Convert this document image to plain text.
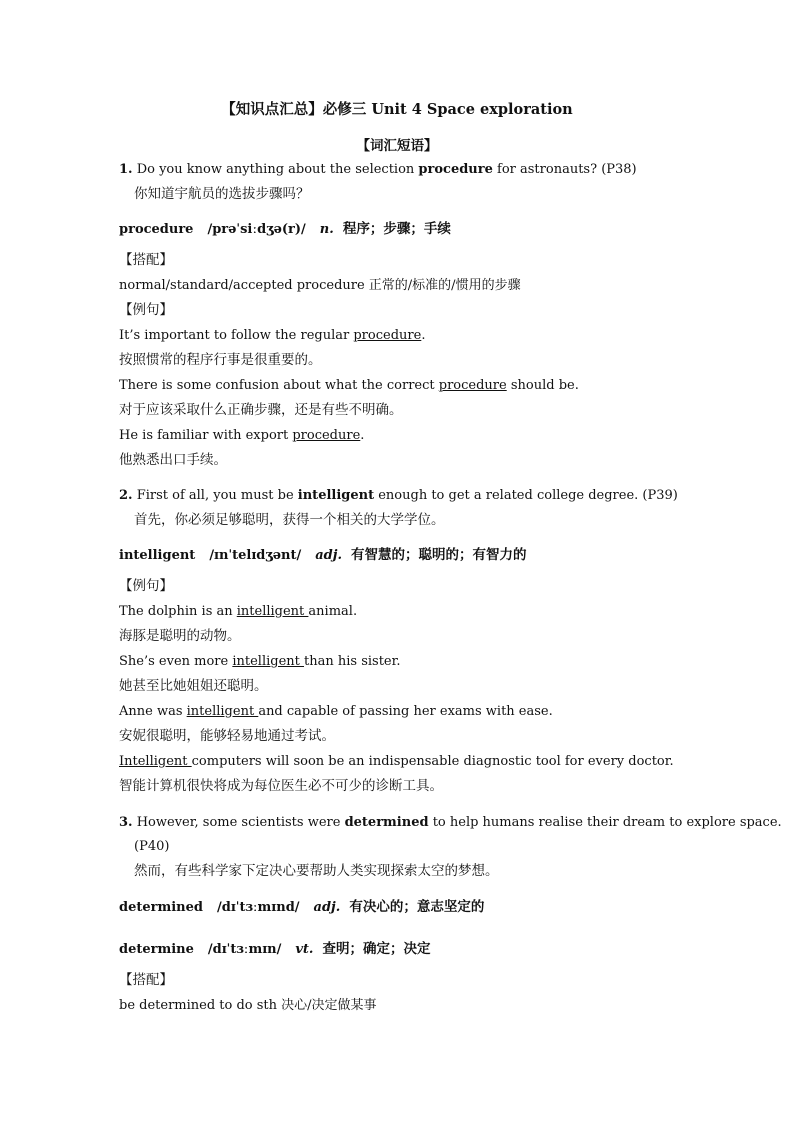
【知识点汇总】必修三 Unit 4 Space exploration
【词汇短语】
1. Do you know anything about the selection procedure for astronauts? (P38)
你知道宇航员的选拔步骤吗？
procedure /prəˈsiːdʒə(r)/ n. 程序；步骤；手续
【搭配】
normal/standard/accepted procedure 正常的/标准的/惯用的步骤
【例句】
It’s important to follow the regular procedure.
按照惯常的程序行事是很重要的。
There is some confusion about what the correct procedure should be.
对于应该采取什么正确步骤，还是有些不明确。
He is familiar with export procedure.
他熟悉出口手续。
2. First of all, you must be intelligent enough to get a related college degree. (P39)
首先，你必须足够聪明，获得一个相关的大学学位。
intelligent /ɪnˈtelɪdʒənt/ adj. 有智慧的；聪明的；有智力的
【例句】
The dolphin is an intelligent animal.
海豚是聪明的动物。
She’s even more intelligent than his sister.
她甚至比她姐姐还聪明。
Anne was intelligent and capable of passing her exams with ease.
安妮很聪明，能够轻易地通过考试。
Intelligent computers will soon be an indispensable diagnostic tool for every doctor.
智能计算机很快将成为每位医生必不可少的诊断工具。
3. However, some scientists were determined to help humans realise their dream to explore space.
(P40)
然而，有些科学家下定决心要帮助人类实现探索太空的梦想。
determined /dɪˈtɜːmɪnd/ adj. 有决心的；意志坚定的
determine /dɪˈtɜːmɪn/ vt. 查明；确定；决定
【搭配】
be determined to do sth 决心/决定做某事
